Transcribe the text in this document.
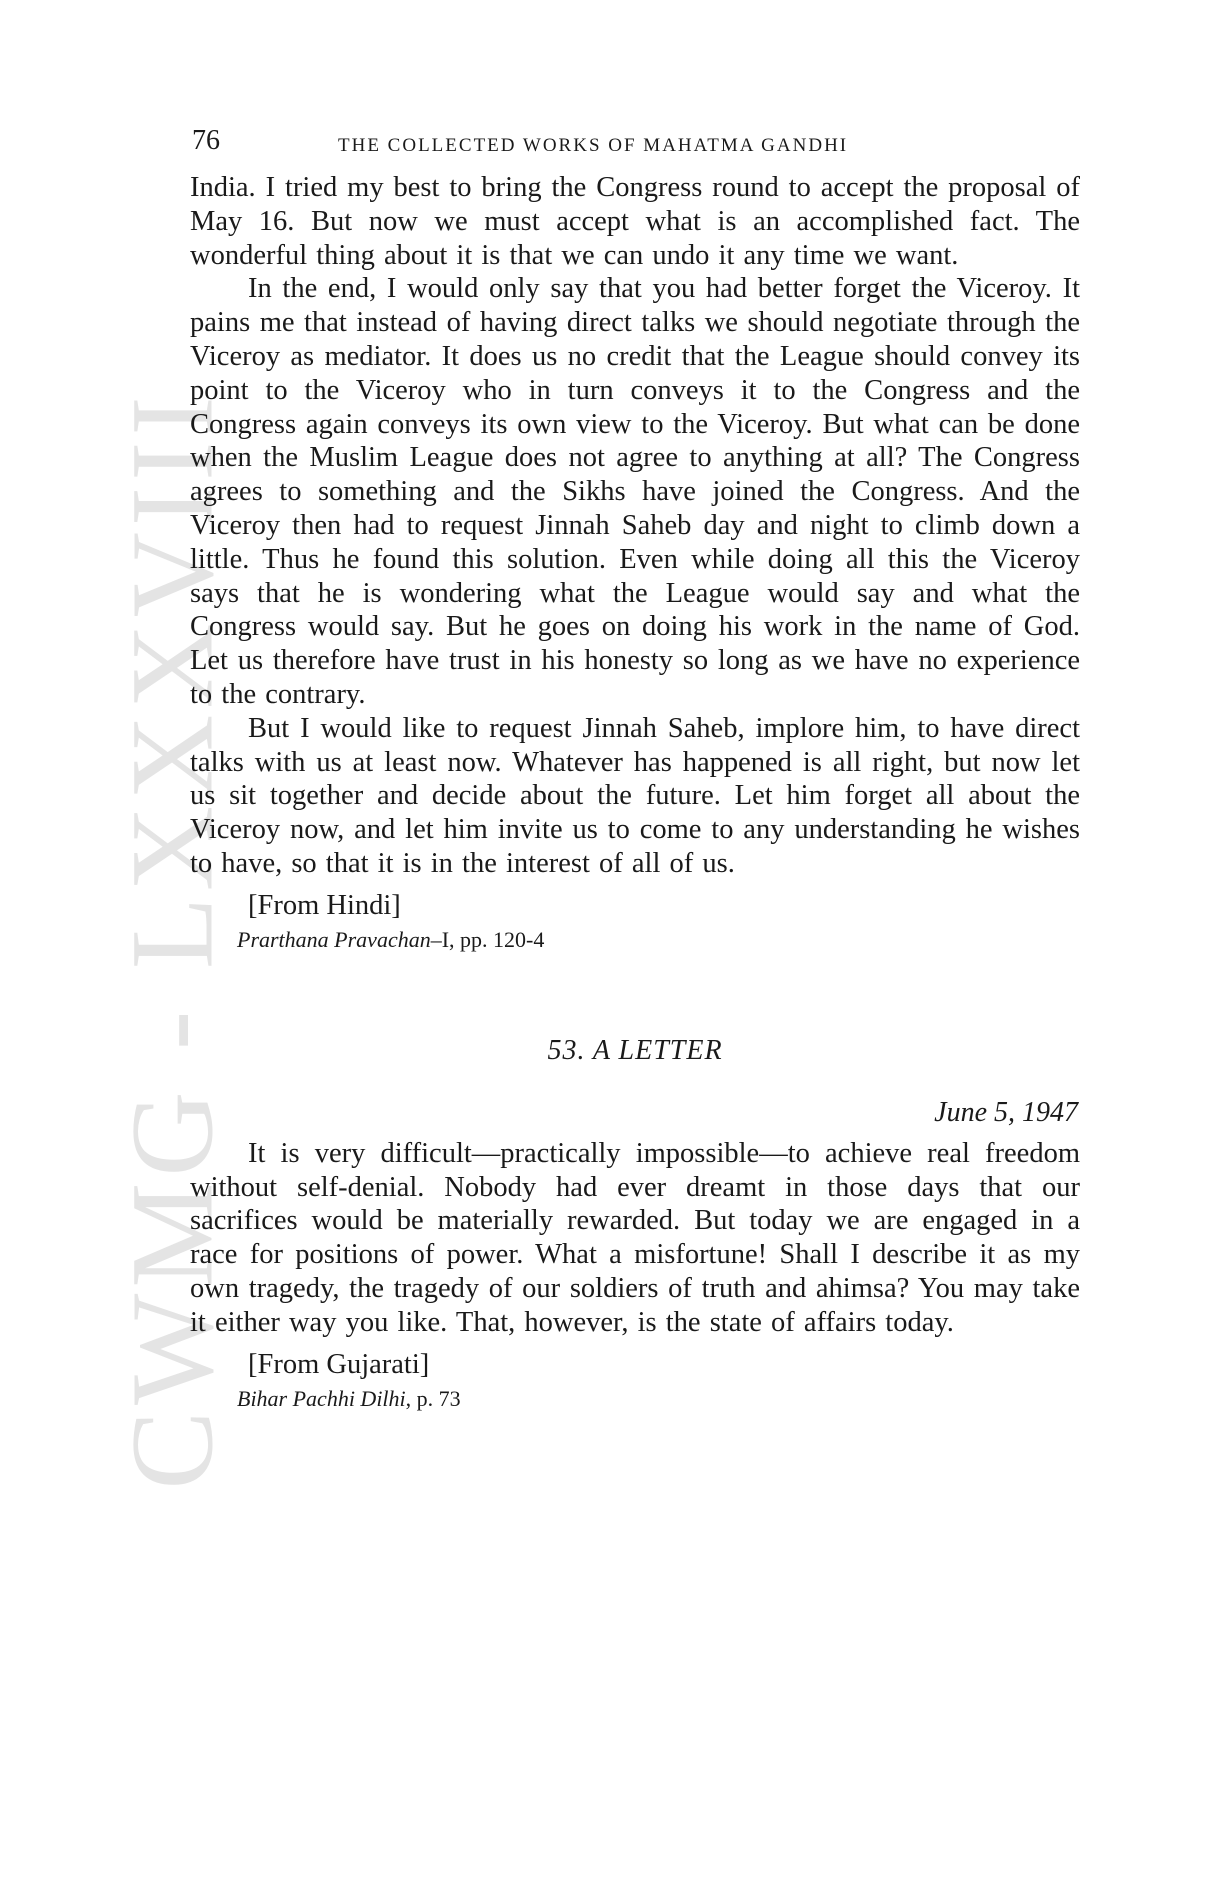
CWMG - LXXXVIII
76	THE COLLECTED WORKS OF MAHATMA GANDHI

India. I tried my best to bring the Congress round to accept the proposal of May 16. But now we must accept what is an accomplished fact. The wonderful thing about it is that we can undo it any time we want.

In the end, I would only say that you had better forget the Viceroy. It pains me that instead of having direct talks we should negotiate through the Viceroy as mediator. It does us no credit that the League should convey its point to the Viceroy who in turn conveys it to the Congress and the Congress again conveys its own view to the Viceroy. But what can be done when the Muslim League does not agree to anything at all? The Congress agrees to something and the Sikhs have joined the Congress. And the Viceroy then had to request Jinnah Saheb day and night to climb down a little. Thus he found this solution. Even while doing all this the Viceroy says that he is wondering what the League would say and what the Congress would say. But he goes on doing his work in the name of God. Let us therefore have trust in his honesty so long as we have no experience to the contrary.

But I would like to request Jinnah Saheb, implore him, to have direct talks with us at least now. Whatever has happened is all right, but now let us sit together and decide about the future. Let him forget all about the Viceroy now, and let him invite us to come to any understanding he wishes to have, so that it is in the interest of all of us.

[From Hindi]
Prarthana Pravachan–I, pp. 120-4
53. A LETTER
June 5, 1947

It is very difficult—practically impossible—to achieve real freedom without self-denial. Nobody had ever dreamt in those days that our sacrifices would be materially rewarded. But today we are engaged in a race for positions of power. What a misfortune! Shall I describe it as my own tragedy, the tragedy of our soldiers of truth and ahimsa? You may take it either way you like. That, however, is the state of affairs today.

[From Gujarati]
Bihar Pachhi Dilhi, p. 73
